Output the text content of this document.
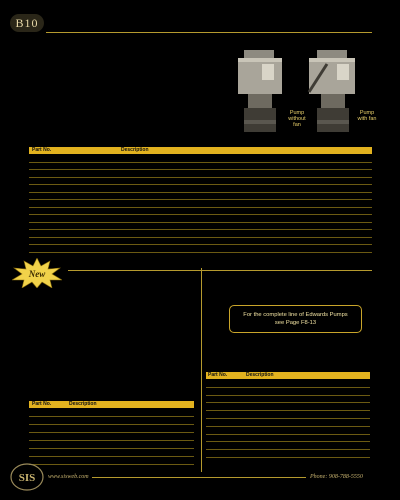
B10
Pump without fan
Pump with fan
Part No.	Description
New
For the complete line of Edwards Pumps
see Page F8-13
Part No.	Description
Part No.	Description
SIS www.sisweb.com	Phone: 908-788-5550
